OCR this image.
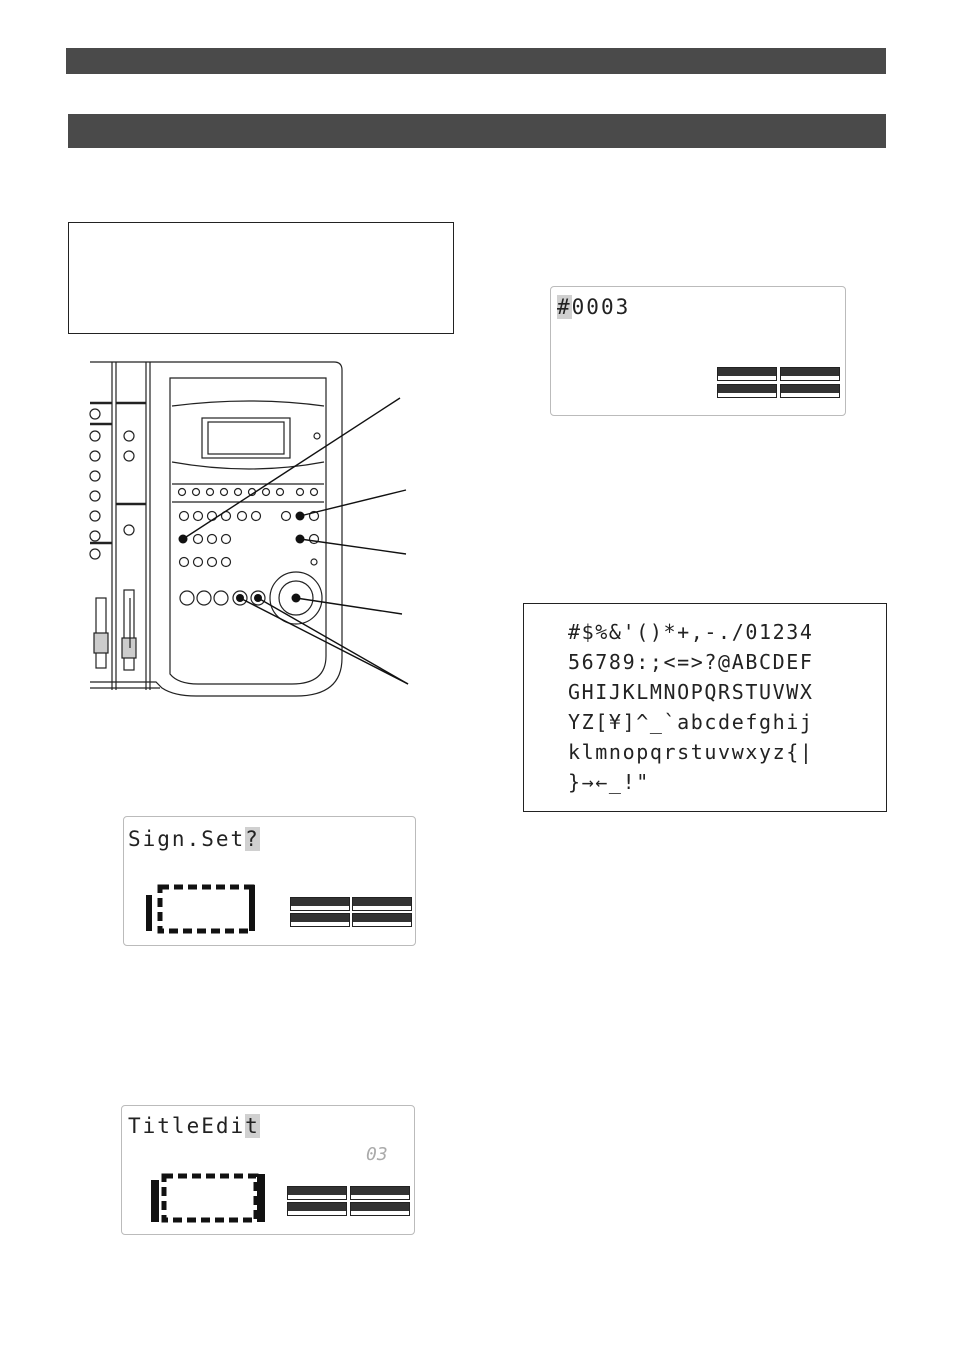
Sign.Set?
TitleEdit
03
#0003
#$%&'()*+,-./01234
56789:;<=>?@ABCDEF
GHIJKLMNOPQRSTUVWX
YZ[¥]^_`abcdefghij
klmnopqrstuvwxyz{|
}→←_!"
